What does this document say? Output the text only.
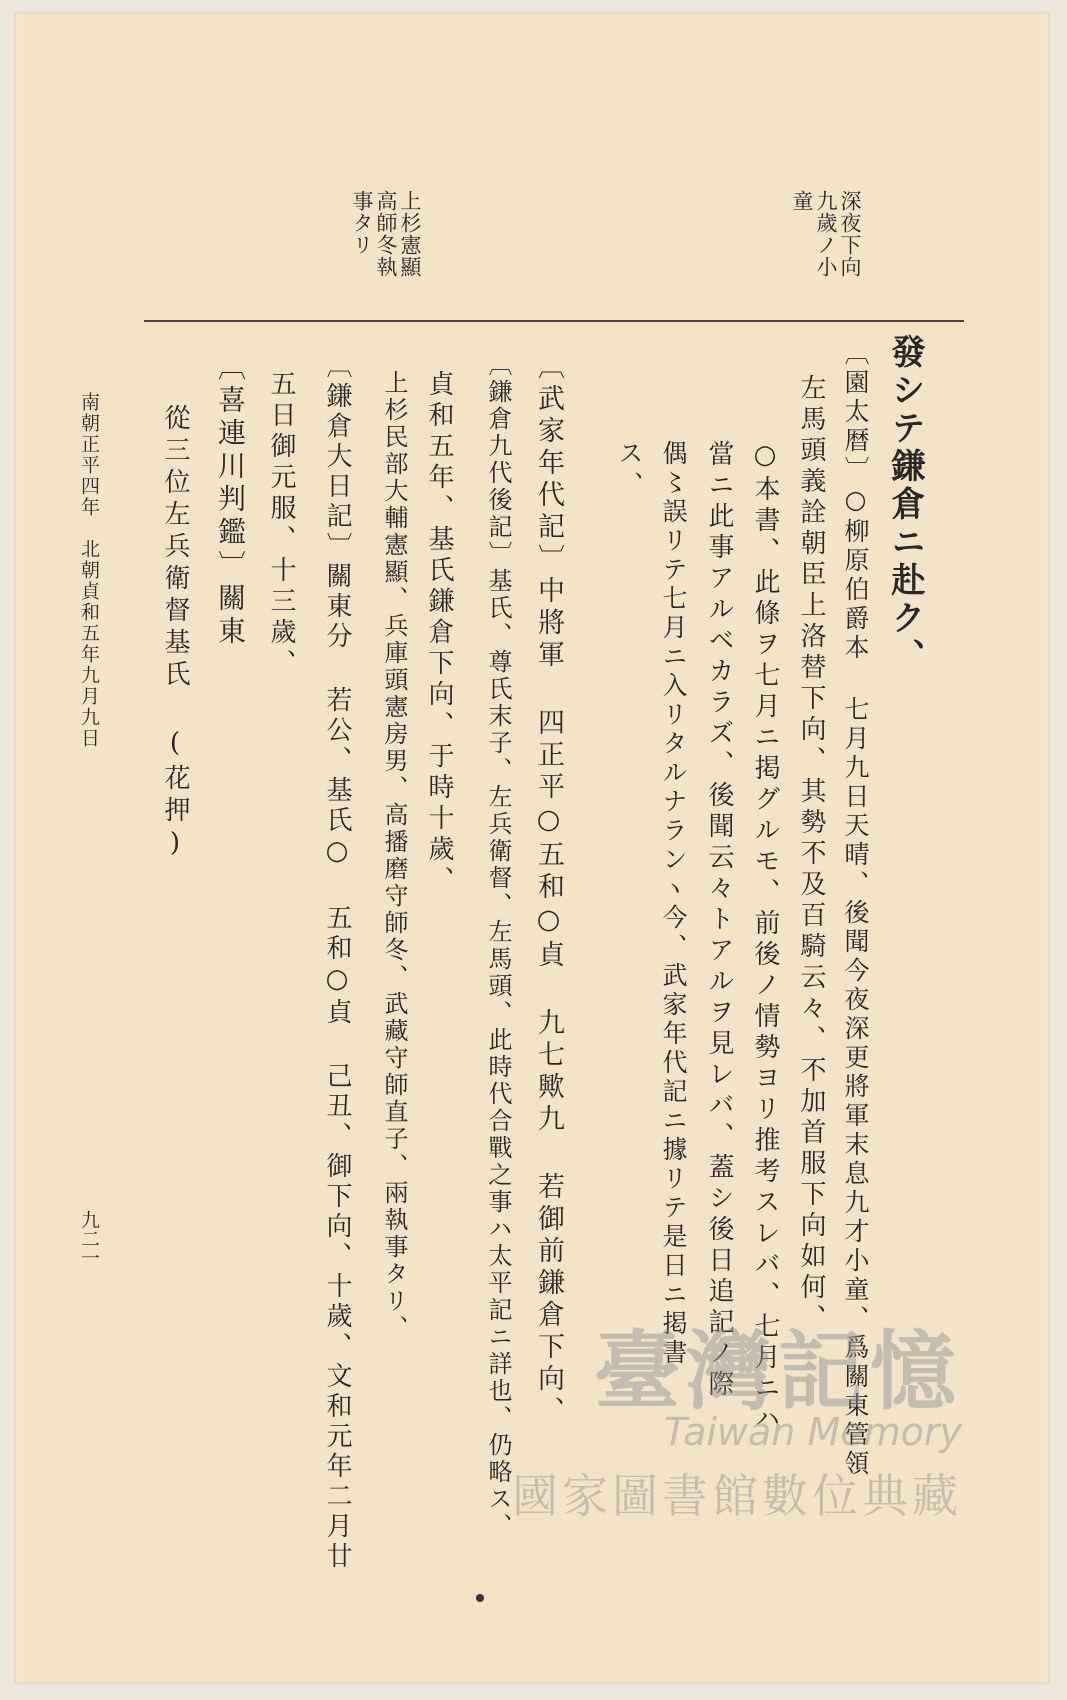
深夜下向
九歲ノ小
童
上杉憲顯
高師冬執
事タリ
發シテ鎌倉ニ赴ク、
〔園太暦〕○柳原伯爵本 七月九日天晴、後聞今夜深更將軍末息九才小童、爲關東管領
左馬頭義詮朝臣上洛替下向、其勢不及百騎云々、不加首服下向如何、
○本書、此條ヲ七月ニ掲グルモ、前後ノ情勢ヨリ推考スレバ、七月ニハ
當ニ此事アルベカラズ、後聞云々トアルヲ見レバ、蓋シ後日追記ノ際
偶〻誤リテ七月ニ入リタルナランヽ今、武家年代記ニ據リテ是日ニ掲書
ス、
〔武家年代記〕中將軍 四正平○五和○貞 九七歟九 若御前鎌倉下向、
〔鎌倉九代後記〕基氏、尊氏末子、左兵衛督、左馬頭、此時代合戰之事ハ太平記ニ詳也、仍略ス、
貞和五年、基氏鎌倉下向、于時十歲、
上杉民部大輔憲顯、兵庫頭憲房男、高播磨守師冬、武藏守師直子、兩執事タリ、
〔鎌倉大日記〕關東分 若公、基氏○ 五和○貞 己丑、御下向、十歲、文和元年二月廿
五日御元服、十三歲、
〔喜連川判鑑〕關東
從三位左兵衛督基氏 (花押)
南朝正平四年　北朝貞和五年九月九日
九二一
臺灣記憶
Taiwan Memory
國家圖書館數位典藏
